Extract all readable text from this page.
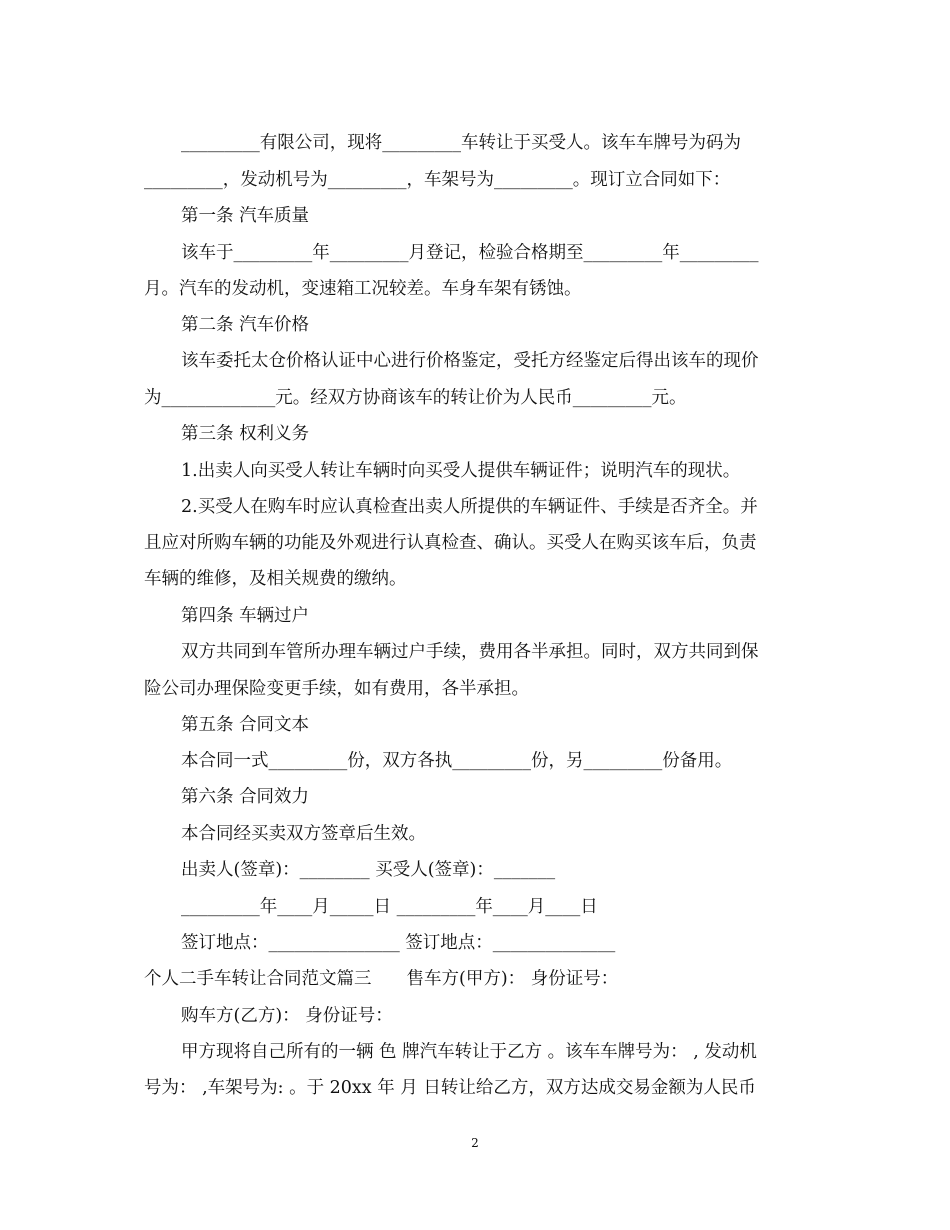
_________有限公司，现将_________车转让于买受人。该车车牌号为码为
_________，发动机号为_________，车架号为_________。现订立合同如下：
第一条 汽车质量
该车于_________年_________月登记，检验合格期至_________年_________
月。汽车的发动机，变速箱工况较差。车身车架有锈蚀。
第二条 汽车价格
该车委托太仓价格认证中心进行价格鉴定，受托方经鉴定后得出该车的现价
为_____________元。经双方协商该车的转让价为人民币_________元。
第三条 权利义务
1.出卖人向买受人转让车辆时向买受人提供车辆证件；说明汽车的现状。
2.买受人在购车时应认真检查出卖人所提供的车辆证件、手续是否齐全。并
且应对所购车辆的功能及外观进行认真检查、确认。买受人在购买该车后，负责
车辆的维修，及相关规费的缴纳。
第四条 车辆过户
双方共同到车管所办理车辆过户手续，费用各半承担。同时，双方共同到保
险公司办理保险变更手续，如有费用，各半承担。
第五条 合同文本
本合同一式_________份，双方各执_________份，另_________份备用。
第六条 合同效力
本合同经买卖双方签章后生效。
出卖人(签章)：________ 买受人(签章)：_______
_________年____月_____日 _________年____月____日
签订地点：_______________ 签订地点：______________
个人二手车转让合同范文篇三　　售车方(甲方)： 身份证号：
购车方(乙方)： 身份证号：
甲方现将自己所有的一辆 色 牌汽车转让于乙方 。该车车牌号为： , 发动机
号为： ,车架号为: 。于 20xx 年 月 日转让给乙方，双方达成交易金额为人民币
2
